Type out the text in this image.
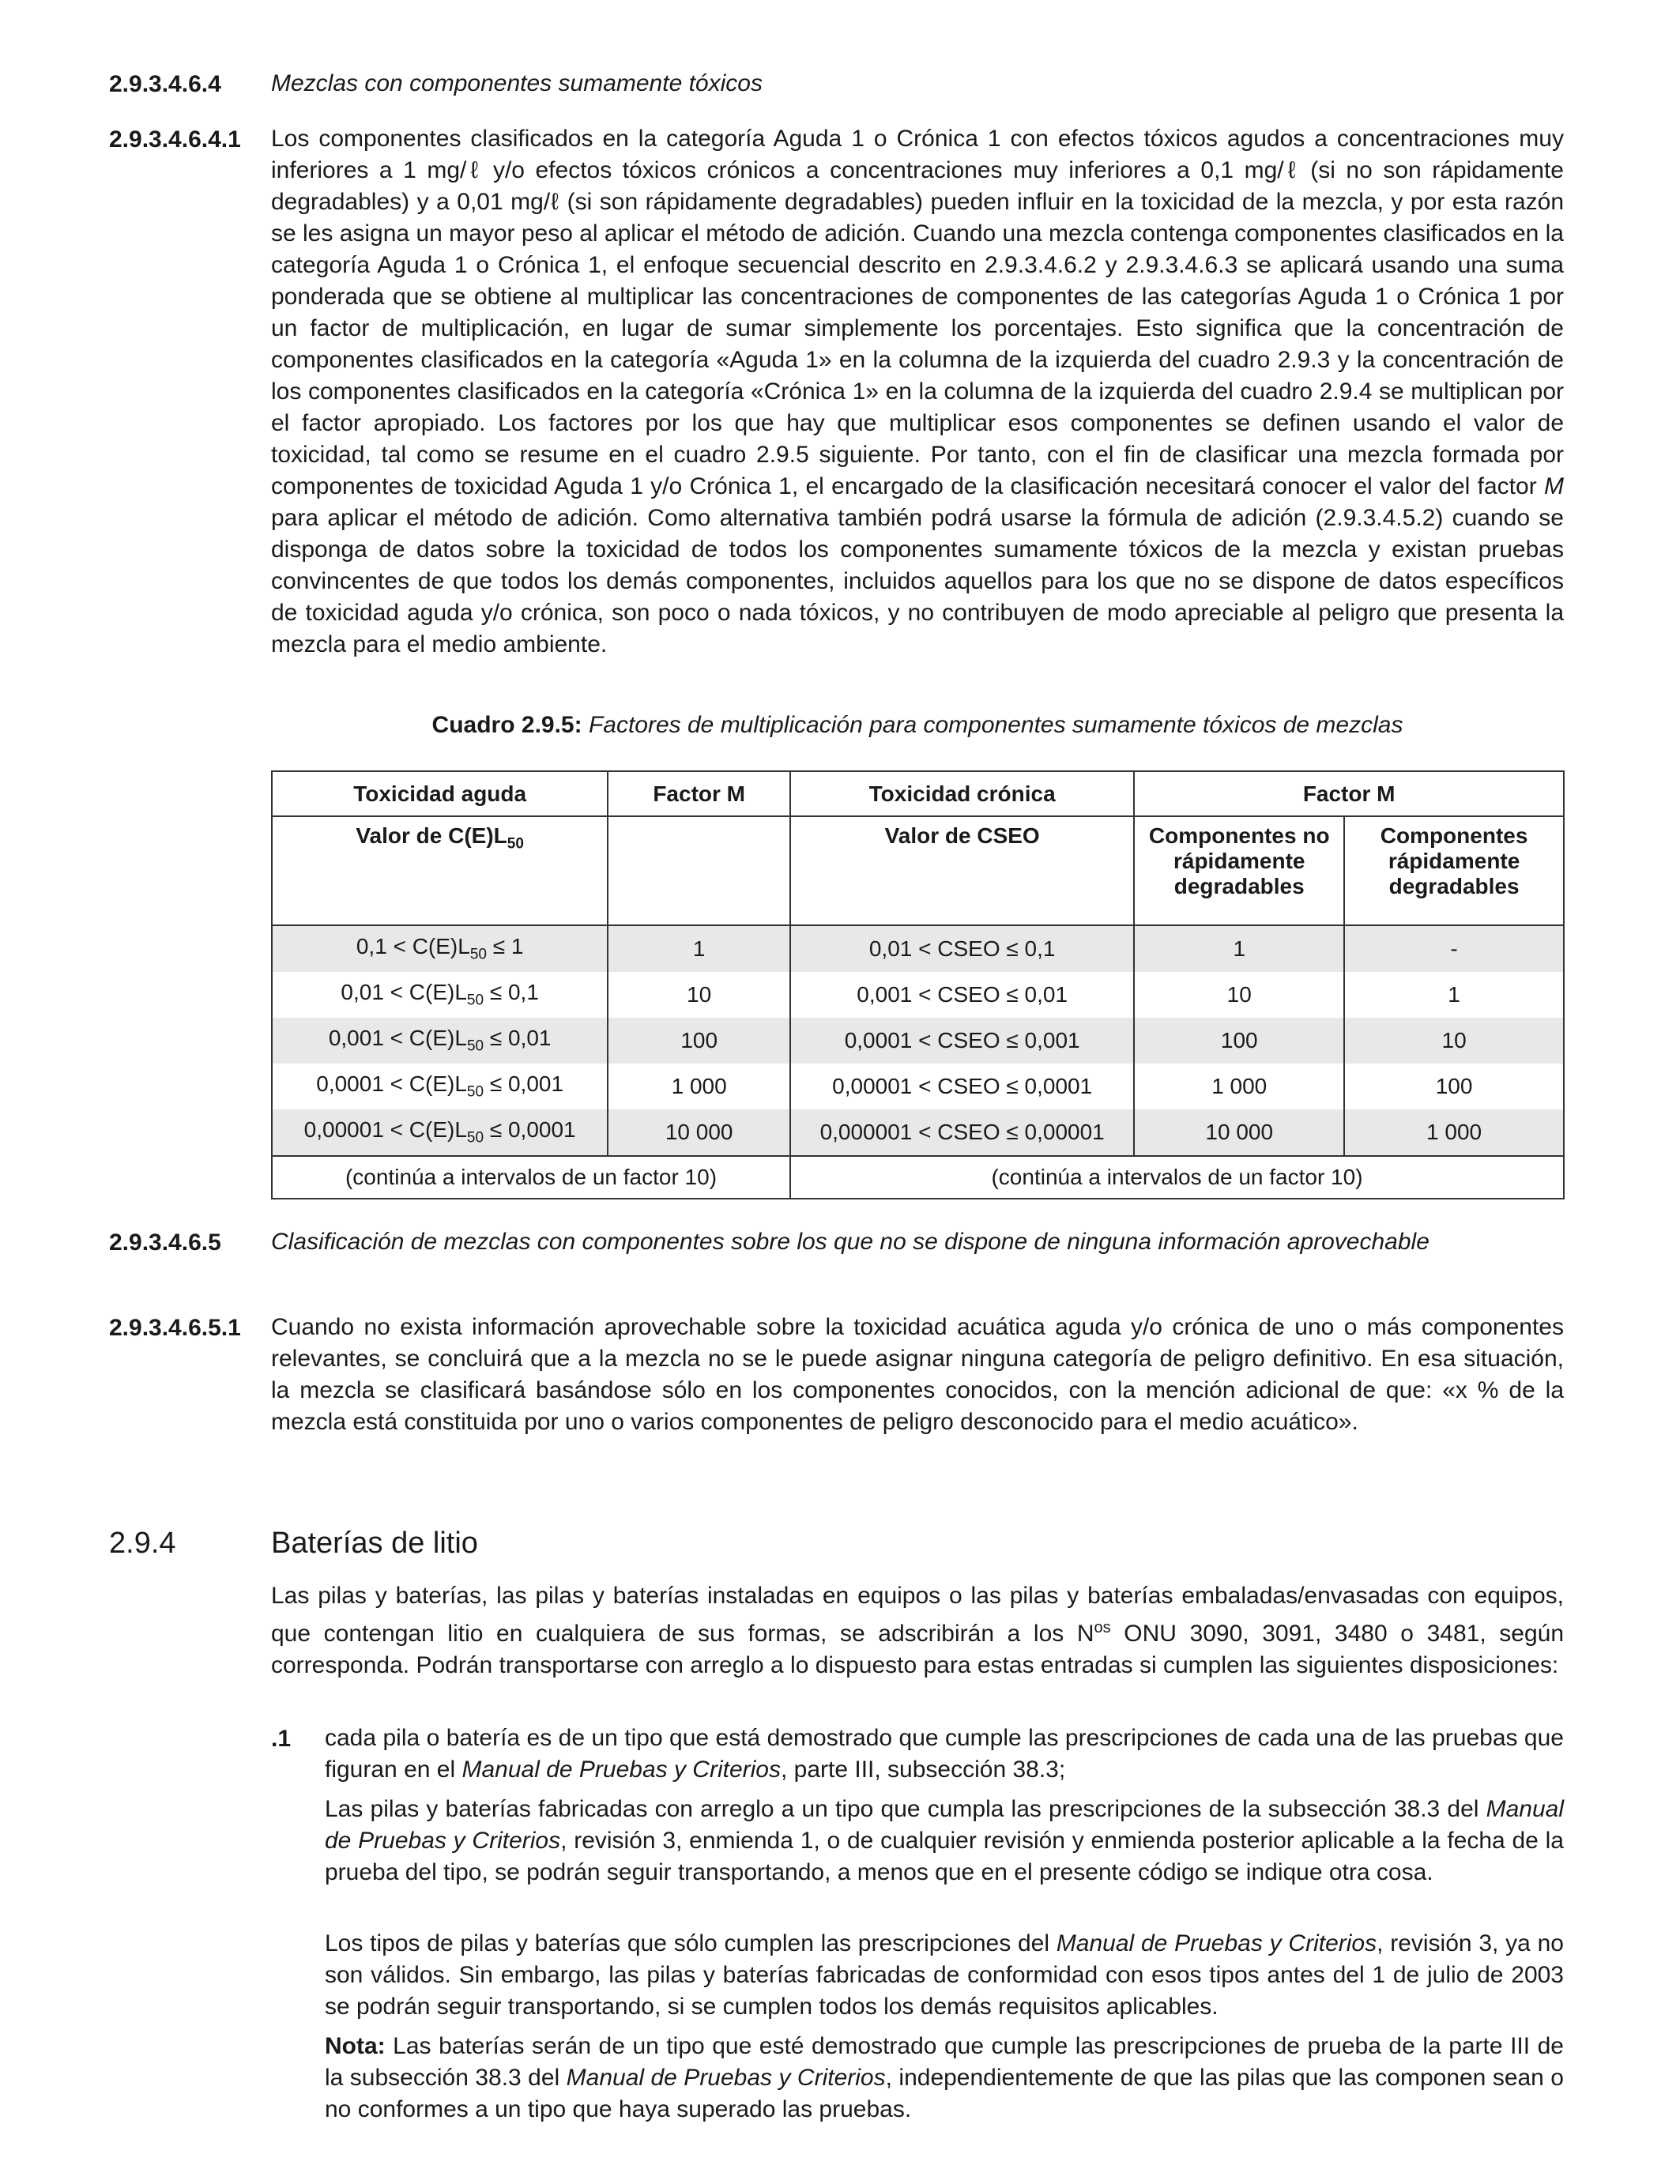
2.9.3.4.6.4 Mezclas con componentes sumamente tóxicos
2.9.3.4.6.4.1 Los componentes clasificados en la categoría Aguda 1 o Crónica 1 con efectos tóxicos agudos a concentraciones muy inferiores a 1 mg/ℓ y/o efectos tóxicos crónicos a concentraciones muy inferiores a 0,1 mg/ℓ (si no son rápidamente degradables) y a 0,01 mg/ℓ (si son rápidamente degradables) pueden influir en la toxicidad de la mezcla, y por esta razón se les asigna un mayor peso al aplicar el método de adición. Cuando una mezcla contenga componentes clasificados en la categoría Aguda 1 o Crónica 1, el enfoque secuencial descrito en 2.9.3.4.6.2 y 2.9.3.4.6.3 se aplicará usando una suma ponderada que se obtiene al multiplicar las concentraciones de componentes de las categorías Aguda 1 o Crónica 1 por un factor de multiplicación, en lugar de sumar simplemente los porcentajes. Esto significa que la concentración de componentes clasificados en la categoría «Aguda 1» en la columna de la izquierda del cuadro 2.9.3 y la concentración de los componentes clasificados en la categoría «Crónica 1» en la columna de la izquierda del cuadro 2.9.4 se multiplican por el factor apropiado. Los factores por los que hay que multiplicar esos componentes se definen usando el valor de toxicidad, tal como se resume en el cuadro 2.9.5 siguiente. Por tanto, con el fin de clasificar una mezcla formada por componentes de toxicidad Aguda 1 y/o Crónica 1, el encargado de la clasificación necesitará conocer el valor del factor M para aplicar el método de adición. Como alternativa también podrá usarse la fórmula de adición (2.9.3.4.5.2) cuando se disponga de datos sobre la toxicidad de todos los componentes sumamente tóxicos de la mezcla y existan pruebas convincentes de que todos los demás componentes, incluidos aquellos para los que no se dispone de datos específicos de toxicidad aguda y/o crónica, son poco o nada tóxicos, y no contribuyen de modo apreciable al peligro que presenta la mezcla para el medio ambiente.
Cuadro 2.9.5: Factores de multiplicación para componentes sumamente tóxicos de mezclas
Toxicidad aguda	Factor M	Toxicidad crónica	Factor M	
Valor de $C(E)L_{50}$		Valor de CSEO	Componentes no rápidamente degradables	Componentes rápidamente degradables
$0,1 < C(E)L_{50} \le 1$	1	0,01 < CSEO ≤ 0,1	1	-
$0,01 < C(E)L_{50} \le 0,1$	10	0,001 < CSEO ≤ 0,01	10	1
$0,001 < C(E)L_{50} \le 0,01$	100	0,0001 < CSEO ≤ 0,001	100	10
$0,0001 < C(E)L_{50} \le 0,001$	1 000	0,00001 < CSEO ≤ 0,0001	1 000	100
$0,00001 < C(E)L_{50} \le 0,0001$	10 000	0,000001 < CSEO ≤ 0,00001	10 000	1 000
(continúa a intervalos de un factor 10)		(continúa a intervalos de un factor 10)		
2.9.3.4.6.5 Clasificación de mezclas con componentes sobre los que no se dispone de ninguna información aprovechable
2.9.3.4.6.5.1 Cuando no exista información aprovechable sobre la toxicidad acuática aguda y/o crónica de uno o más componentes relevantes, se concluirá que a la mezcla no se le puede asignar ninguna categoría de peligro definitivo. En esa situación, la mezcla se clasificará basándose sólo en los componentes conocidos, con la mención adicional de que: «x % de la mezcla está constituida por uno o varios componentes de peligro desconocido para el medio acuático».
2.9.4	Baterías de litio
Las pilas y baterías, las pilas y baterías instaladas en equipos o las pilas y baterías embaladas/envasadas con equipos, que contengan litio en cualquiera de sus formas, se adscribirán a los $N^{os}$ ONU 3090, 3091, 3480 o 3481, según corresponda. Podrán transportarse con arreglo a lo dispuesto para estas entradas si cumplen las siguientes disposiciones:
.1 cada pila o batería es de un tipo que está demostrado que cumple las prescripciones de cada una de las pruebas que figuran en el Manual de Pruebas y Criterios, parte III, subsección 38.3;
Las pilas y baterías fabricadas con arreglo a un tipo que cumpla las prescripciones de la subsección 38.3 del Manual de Pruebas y Criterios, revisión 3, enmienda 1, o de cualquier revisión y enmienda posterior aplicable a la fecha de la prueba del tipo, se podrán seguir transportando, a menos que en el presente código se indique otra cosa.
Los tipos de pilas y baterías que sólo cumplen las prescripciones del Manual de Pruebas y Criterios, revisión 3, ya no son válidos. Sin embargo, las pilas y baterías fabricadas de conformidad con esos tipos antes del 1 de julio de 2003 se podrán seguir transportando, si se cumplen todos los demás requisitos aplicables.
Nota: Las baterías serán de un tipo que esté demostrado que cumple las prescripciones de prueba de la parte III de la subsección 38.3 del Manual de Pruebas y Criterios, independientemente de que las pilas que las componen sean o no conformes a un tipo que haya superado las pruebas.
